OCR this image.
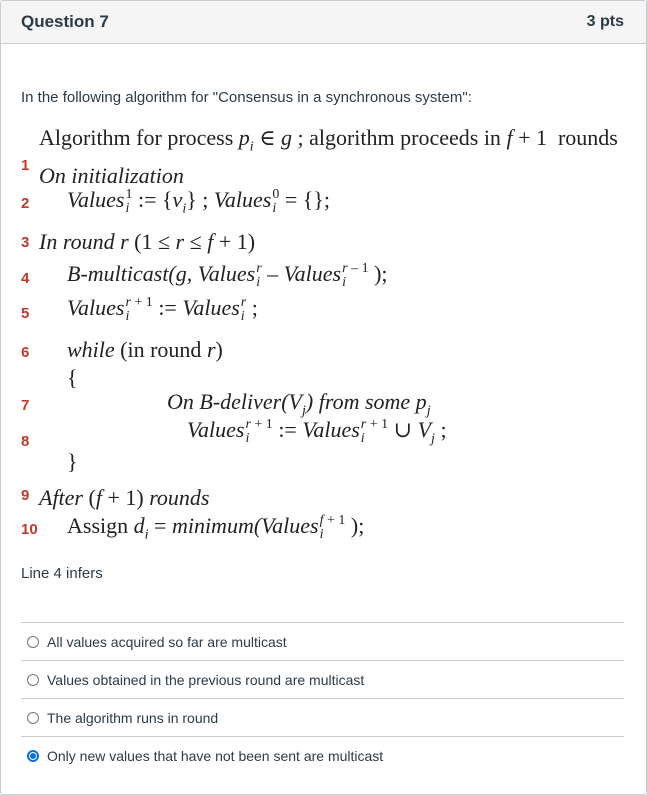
Question 7	3 pts
In the following algorithm for "Consensus in a synchronous system":
Algorithm for process $p_i$ ∈ g ; algorithm proceeds in f + 1  rounds
1 On initialization
2 Values 1
i := $\{v_i\}$ ; Values 0
i = {};
3 In round r (1 ≤ r ≤ f + 1)
4 B-multicast(g, Values r
i – Values r – 1
i	);
5 Values r + 1
i	:= Values r
i ;
6 while (in round r)
{
7	On $B-deliver(V_j)$ from some $p_j$
8	Values r + 1
i	:= Values r + 1
i	∪ $V_j$ ;
}
9 After (f + 1) rounds
10 Assign $d_i$ = minimum(Values f + 1
i );
Line 4 infers
All values acquired so far are multicast
Values obtained in the previous round are multicast
The algorithm runs in round
Only new values that have not been sent are multicast
